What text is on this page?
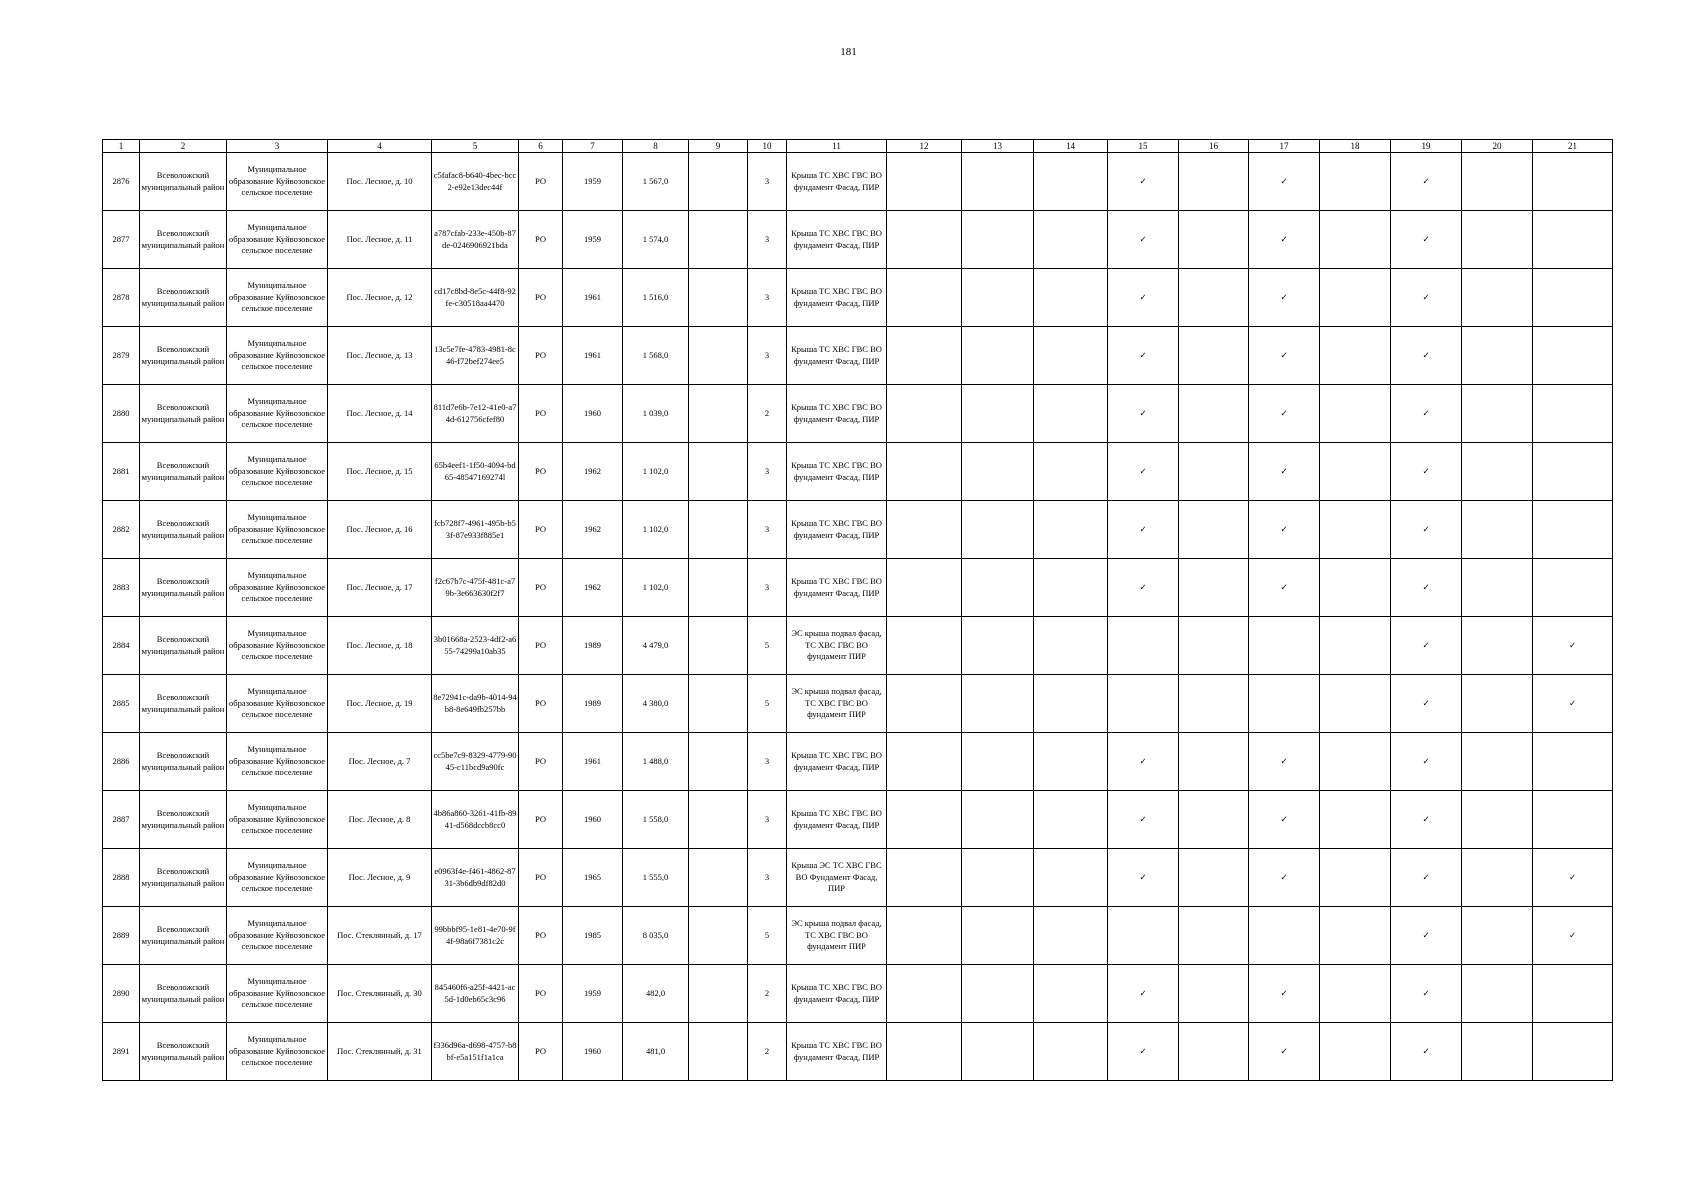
181
1	2	3	4	5	6	7	8	9	10	11	12	13	14	15	16	17	18	19	20	21
2876	Всеволожский муниципальный район	Муниципальное образование Куйвозовское сельское поселение	Пос. Лесное, д. 10	c5fafac8-b640-4bec-bcc2-e92e13dec44f	РО	1959	1 567,0		3	Крыша ТС ХВС ГВС ВО фундамент Фасад, ПИР				✓		✓		✓		
2877	Всеволожский муниципальный район	Муниципальное образование Куйвозовское сельское поселение	Пос. Лесное, д. 11	a787cfab-233e-450b-87de-0246906921bda	РО	1959	1 574,0		3	Крыша ТС ХВС ГВС ВО фундамент Фасад, ПИР				✓		✓		✓		
2878	Всеволожский муниципальный район	Муниципальное образование Куйвозовское сельское поселение	Пос. Лесное, д. 12	cd17c8bd-8e5c-44f8-92fe-c30518aa4470	РО	1961	1 516,0		3	Крыша ТС ХВС ГВС ВО фундамент Фасад, ПИР				✓		✓		✓		
2879	Всеволожский муниципальный район	Муниципальное образование Куйвозовское сельское поселение	Пос. Лесное, д. 13	13c5e7fe-4783-4981-8c46-f72bef274ee5	РО	1961	1 568,0		3	Крыша ТС ХВС ГВС ВО фундамент Фасад, ПИР				✓		✓		✓		
2880	Всеволожский муниципальный район	Муниципальное образование Куйвозовское сельское поселение	Пос. Лесное, д. 14	811d7e6b-7e12-41e0-a74d-612756cfef80	РО	1960	1 039,0		2	Крыша ТС ХВС ГВС ВО фундамент Фасад, ПИР				✓		✓		✓		
2881	Всеволожский муниципальный район	Муниципальное образование Куйвозовское сельское поселение	Пос. Лесное, д. 15	65b4eef1-1f50-4094-bd65-48547169274l	РО	1962	1 102,0		3	Крыша ТС ХВС ГВС ВО фундамент Фасад, ПИР				✓		✓		✓		
2882	Всеволожский муниципальный район	Муниципальное образование Куйвозовское сельское поселение	Пос. Лесное, д. 16	fcb728f7-4961-495b-b53f-87e933f885e1	РО	1962	1 102,0		3	Крыша ТС ХВС ГВС ВО фундамент Фасад, ПИР				✓		✓		✓		
2883	Всеволожский муниципальный район	Муниципальное образование Куйвозовское сельское поселение	Пос. Лесное, д. 17	f2c67b7c-475f-481c-a79b-3e663630f2f7	РО	1962	1 102,0		3	Крыша ТС ХВС ГВС ВО фундамент Фасад, ПИР				✓		✓		✓		
2884	Всеволожский муниципальный район	Муниципальное образование Куйвозовское сельское поселение	Пос. Лесное, д. 18	3b01668a-2523-4df2-a655-74299a10ab35	РО	1989	4 479,0		5	ЭС крыша подвал фасад, ТС ХВС ГВС ВО фундамент ПИР								✓		✓
2885	Всеволожский муниципальный район	Муниципальное образование Куйвозовское сельское поселение	Пос. Лесное, д. 19	8e72941c-da9b-4014-94b8-8e649fb257bb	РО	1989	4 380,0		5	ЭС крыша подвал фасад, ТС ХВС ГВС ВО фундамент ПИР								✓		✓
2886	Всеволожский муниципальный район	Муниципальное образование Куйвозовское сельское поселение	Пос. Лесное, д. 7	cc5be7c9-8329-4779-9045-c11bcd9a90fc	РО	1961	1 488,0		3	Крыша ТС ХВС ГВС ВО фундамент Фасад, ПИР				✓		✓		✓		
2887	Всеволожский муниципальный район	Муниципальное образование Куйвозовское сельское поселение	Пос. Лесное, д. 8	4b86a860-3261-41fb-8941-d568dccb8cc0	РО	1960	1 558,0		3	Крыша ТС ХВС ГВС ВО фундамент Фасад, ПИР				✓		✓		✓		
2888	Всеволожский муниципальный район	Муниципальное образование Куйвозовское сельское поселение	Пос. Лесное, д. 9	e0963f4e-f461-4862-8731-3b6db9df82d0	РО	1965	1 555,0		3	Крыша ЭС ТС ХВС ГВС ВО Фундамент Фасад, ПИР				✓		✓		✓		✓
2889	Всеволожский муниципальный район	Муниципальное образование Куйвозовское сельское поселение	Пос. Стеклянный, д. 17	99bbbf95-1e81-4e70-9f4f-98a6f7381c2c	РО	1985	8 035,0		5	ЭС крыша подвал фасад, ТС ХВС ГВС ВО фундамент ПИР								✓		✓
2890	Всеволожский муниципальный район	Муниципальное образование Куйвозовское сельское поселение	Пос. Стеклянный, д. 30	845460f6-a25f-4421-ac5d-1d0eb65c3c96	РО	1959	482,0		2	Крыша ТС ХВС ГВС ВО фундамент Фасад, ПИР				✓		✓		✓		
2891	Всеволожский муниципальный район	Муниципальное образование Куйвозовское сельское поселение	Пос. Стеклянный, д. 31	f336d96a-d698-4757-b8bf-e5a151f1a1ca	РО	1960	481,0		2	Крыша ТС ХВС ГВС ВО фундамент Фасад, ПИР				✓		✓		✓		
